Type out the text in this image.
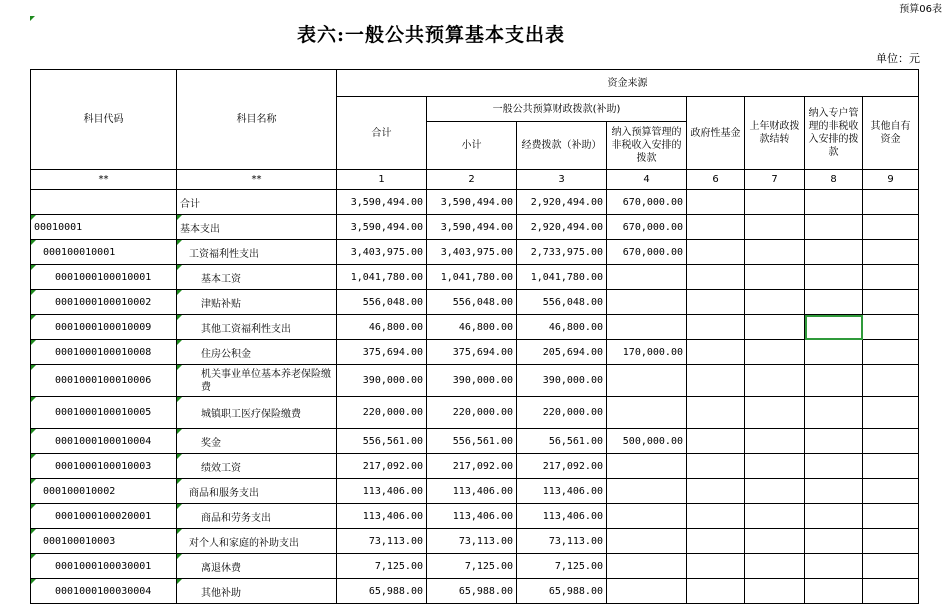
预算06表
表六:一般公共预算基本支出表
单位：元
科目代码	科目名称	资金来源							
		合计	一般公共预算财政拨款(补助)			政府性基金	上年财政拨款结转	纳入专户管理的非税收入安排的拨款	其他自有资金
			小计	经费拨款（补助）	纳入预算管理的非税收入安排的拨款				
**	**	1	2	3	4	6	7	8	9
	合计	3,590,494.00	3,590,494.00	2,920,494.00	670,000.00				
00010001	基本支出	3,590,494.00	3,590,494.00	2,920,494.00	670,000.00				
000100010001	工资福利性支出	3,403,975.00	3,403,975.00	2,733,975.00	670,000.00				
0001000100010001	基本工资	1,041,780.00	1,041,780.00	1,041,780.00					
0001000100010002	津贴补贴	556,048.00	556,048.00	556,048.00					
0001000100010009	其他工资福利性支出	46,800.00	46,800.00	46,800.00					
0001000100010008	住房公积金	375,694.00	375,694.00	205,694.00	170,000.00				
0001000100010006	机关事业单位基本养老保险缴费	390,000.00	390,000.00	390,000.00					
0001000100010005	城镇职工医疗保险缴费	220,000.00	220,000.00	220,000.00					
0001000100010004	奖金	556,561.00	556,561.00	56,561.00	500,000.00				
0001000100010003	绩效工资	217,092.00	217,092.00	217,092.00					
000100010002	商品和服务支出	113,406.00	113,406.00	113,406.00					
0001000100020001	商品和劳务支出	113,406.00	113,406.00	113,406.00					
000100010003	对个人和家庭的补助支出	73,113.00	73,113.00	73,113.00					
0001000100030001	离退休费	7,125.00	7,125.00	7,125.00					
0001000100030004	其他补助	65,988.00	65,988.00	65,988.00					
